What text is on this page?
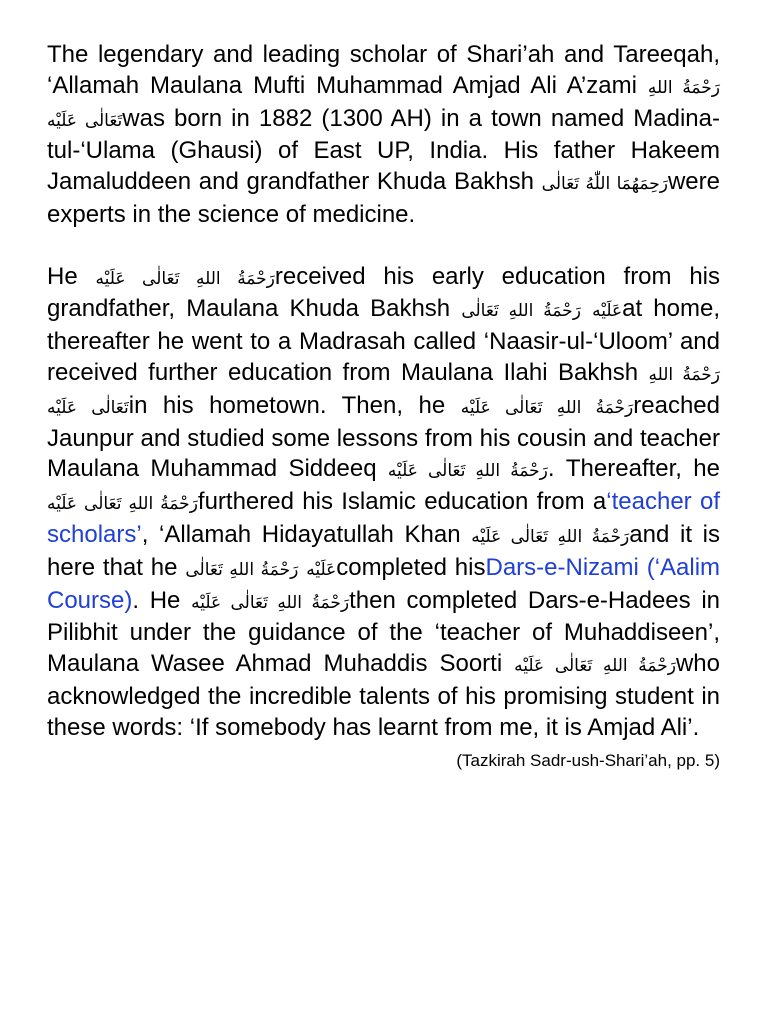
The legendary and leading scholar of Shari’ah and Tareeqah, ‘Allamah Maulana Mufti Muhammad Amjad Ali A’zami رَحْمَةُ اللهِ تَعَالٰی عَلَيْهwas born in 1882 (1300 AH) in a town named Madina-tul-‘Ulama (Ghausi) of East UP, India. His father Hakeem Jamaluddeen and grandfather Khuda Bakhsh رَحِمَهُمَا اللّٰهُ تَعَالٰیwere experts in the science of medicine.

He رَحْمَةُ اللهِ تَعَالٰی عَلَيْهreceived his early education from his grandfather, Maulana Khuda Bakhsh رَحْمَةُ اللهِ تَعَالٰی عَلَيْهat home, thereafter he went to a Madrasah called ‘Naasir-ul-‘Uloom’ and received further education from Maulana Ilahi Bakhsh رَحْمَةُ اللهِ تَعَالٰی عَلَيْهin his hometown. Then, he رَحْمَةُ اللهِ تَعَالٰی عَلَيْهreached Jaunpur and studied some lessons from his cousin and teacher Maulana Muhammad Siddeeq رَحْمَةُ اللهِ تَعَالٰی عَلَيْه. Thereafter, he رَحْمَةُ اللهِ تَعَالٰی عَلَيْهfurthered his Islamic education from a‘teacher of scholars’, ‘Allamah Hidayatullah Khan رَحْمَةُ اللهِ تَعَالٰی عَلَيْهand it is here that he رَحْمَةُ اللهِ تَعَالٰی عَلَيْهcompleted hisDars-e-Nizami (‘Aalim Course). He رَحْمَةُ اللهِ تَعَالٰی عَلَيْهthen completed Dars-e-Hadees in Pilibhit under the guidance of the ‘teacher of Muhaddiseen’, Maulana Wasee Ahmad Muhaddis Soorti رَحْمَةُ اللهِ تَعَالٰی عَلَيْهwho acknowledged the incredible talents of his promising student in these words: ‘If somebody has learnt from me, it is Amjad Ali’.

(Tazkirah Sadr-ush-Shari’ah, pp. 5)
